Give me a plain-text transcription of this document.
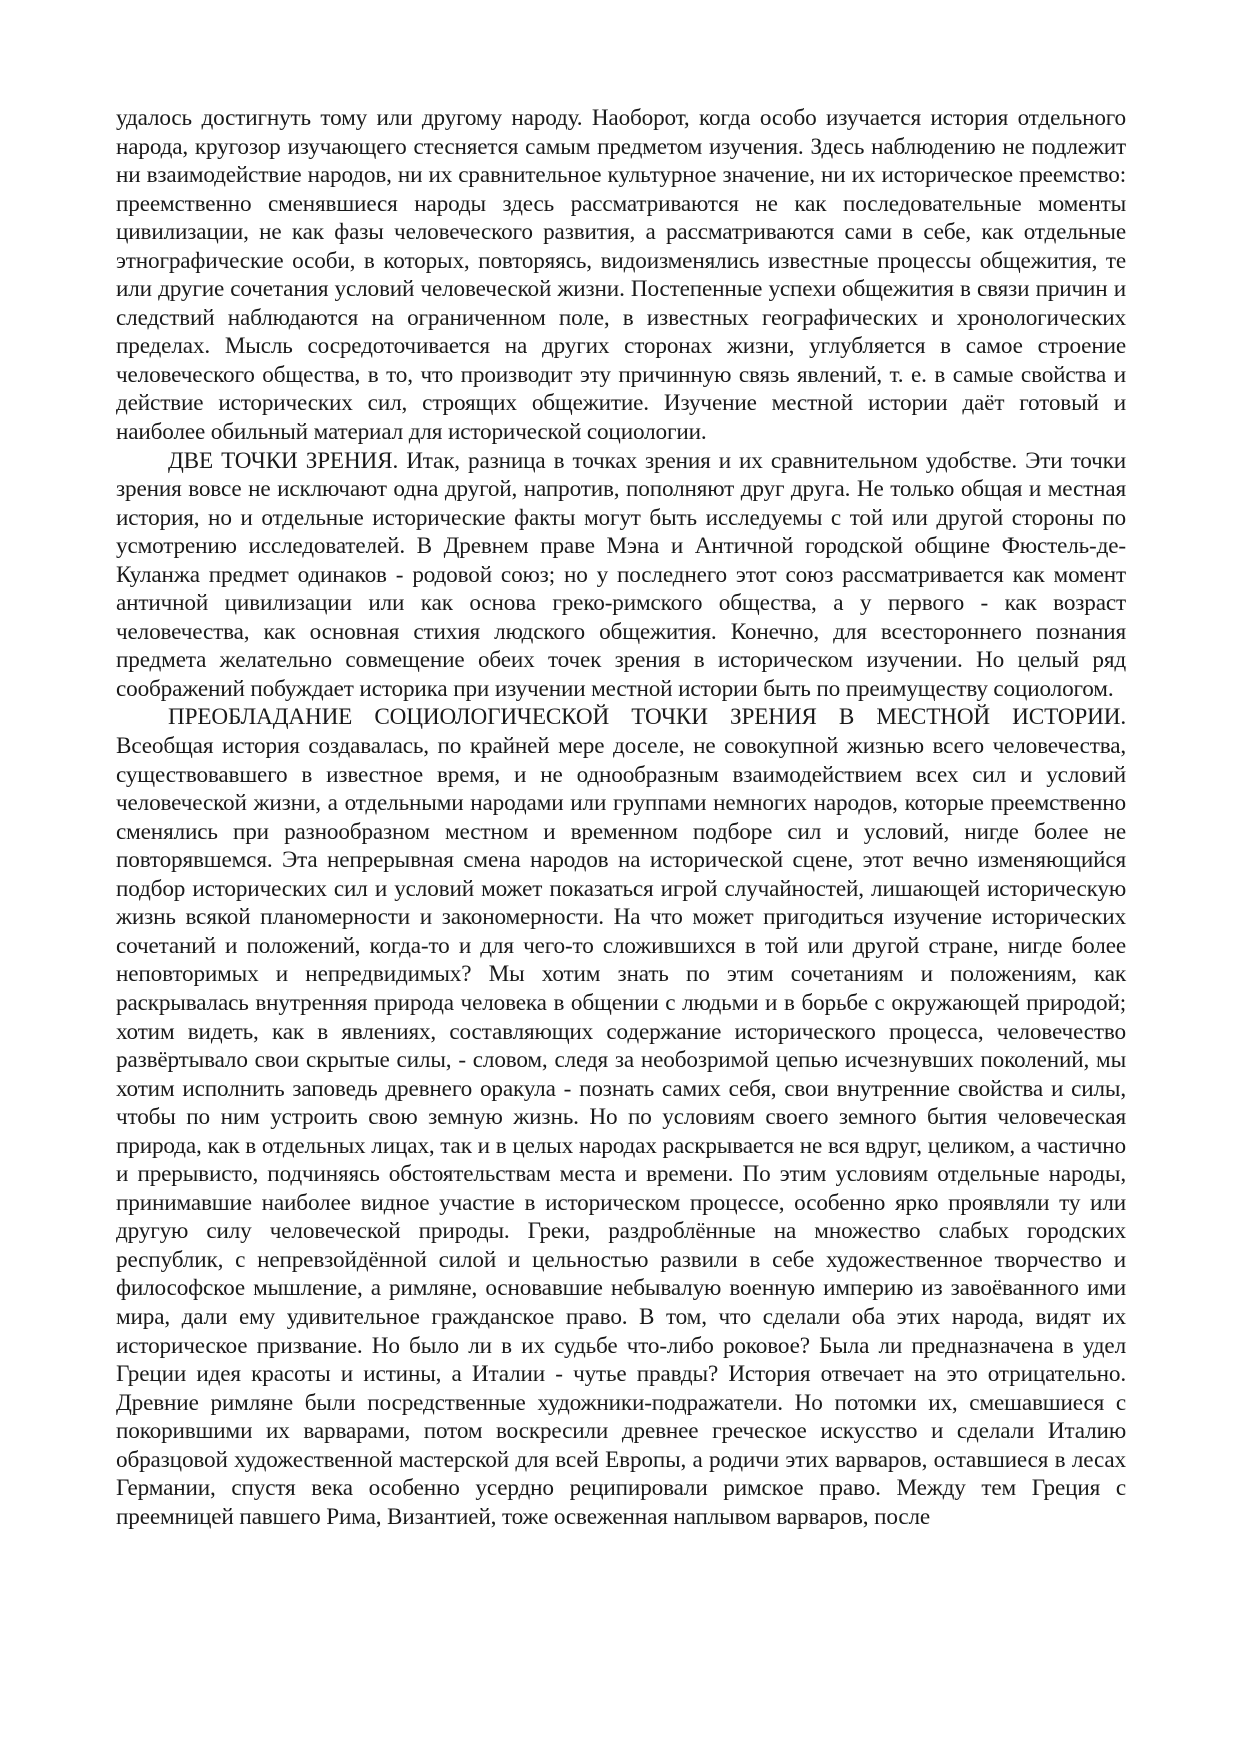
удалось достигнуть тому или другому народу. Наоборот, когда особо изучается история отдельного народа, кругозор изучающего стесняется самым предметом изучения. Здесь наблюдению не подлежит ни взаимодействие народов, ни их сравнительное культурное значение, ни их историческое преемство: преемственно сменявшиеся народы здесь рассматриваются не как последовательные моменты цивилизации, не как фазы человеческого развития, а рассматриваются сами в себе, как отдельные этнографические особи, в которых, повторяясь, видоизменялись известные процессы общежития, те или другие сочетания условий человеческой жизни. Постепенные успехи общежития в связи причин и следствий наблюдаются на ограниченном поле, в известных географических и хронологических пределах. Мысль сосредоточивается на других сторонах жизни, углубляется в самое строение человеческого общества, в то, что производит эту причинную связь явлений, т. е. в самые свойства и действие исторических сил, строящих общежитие. Изучение местной истории даёт готовый и наиболее обильный материал для исторической социологии.

ДВЕ ТОЧКИ ЗРЕНИЯ. Итак, разница в точках зрения и их сравнительном удобстве. Эти точки зрения вовсе не исключают одна другой, напротив, пополняют друг друга. Не только общая и местная история, но и отдельные исторические факты могут быть исследуемы с той или другой стороны по усмотрению исследователей. В Древнем праве Мэна и Античной городской общине Фюстель-де-Куланжа предмет одинаков - родовой союз; но у последнего этот союз рассматривается как момент античной цивилизации или как основа греко-римского общества, а у первого - как возраст человечества, как основная стихия людского общежития. Конечно, для всестороннего познания предмета желательно совмещение обеих точек зрения в историческом изучении. Но целый ряд соображений побуждает историка при изучении местной истории быть по преимуществу социологом.

ПРЕОБЛАДАНИЕ СОЦИОЛОГИЧЕСКОЙ ТОЧКИ ЗРЕНИЯ В МЕСТНОЙ ИСТОРИИ. Всеобщая история создавалась, по крайней мере доселе, не совокупной жизнью всего человечества, существовавшего в известное время, и не однообразным взаимодействием всех сил и условий человеческой жизни, а отдельными народами или группами немногих народов, которые преемственно сменялись при разнообразном местном и временном подборе сил и условий, нигде более не повторявшемся. Эта непрерывная смена народов на исторической сцене, этот вечно изменяющийся подбор исторических сил и условий может показаться игрой случайностей, лишающей историческую жизнь всякой планомерности и закономерности. На что может пригодиться изучение исторических сочетаний и положений, когда-то и для чего-то сложившихся в той или другой стране, нигде более неповторимых и непредвидимых? Мы хотим знать по этим сочетаниям и положениям, как раскрывалась внутренняя природа человека в общении с людьми и в борьбе с окружающей природой; хотим видеть, как в явлениях, составляющих содержание исторического процесса, человечество развёртывало свои скрытые силы, - словом, следя за необозримой цепью исчезнувших поколений, мы хотим исполнить заповедь древнего оракула - познать самих себя, свои внутренние свойства и силы, чтобы по ним устроить свою земную жизнь. Но по условиям своего земного бытия человеческая природа, как в отдельных лицах, так и в целых народах раскрывается не вся вдруг, целиком, а частично и прерывисто, подчиняясь обстоятельствам места и времени. По этим условиям отдельные народы, принимавшие наиболее видное участие в историческом процессе, особенно ярко проявляли ту или другую силу человеческой природы. Греки, раздроблённые на множество слабых городских республик, с непревзойдённой силой и цельностью развили в себе художественное творчество и философское мышление, а римляне, основавшие небывалую военную империю из завоёванного ими мира, дали ему удивительное гражданское право. В том, что сделали оба этих народа, видят их историческое призвание. Но было ли в их судьбе что-либо роковое? Была ли предназначена в удел Греции идея красоты и истины, а Италии - чутье правды? История отвечает на это отрицательно. Древние римляне были посредственные художники-подражатели. Но потомки их, смешавшиеся с покорившими их варварами, потом воскресили древнее греческое искусство и сделали Италию образцовой художественной мастерской для всей Европы, а родичи этих варваров, оставшиеся в лесах Германии, спустя века особенно усердно реципировали римское право. Между тем Греция с преемницей павшего Рима, Византией, тоже освеженная наплывом варваров, после
